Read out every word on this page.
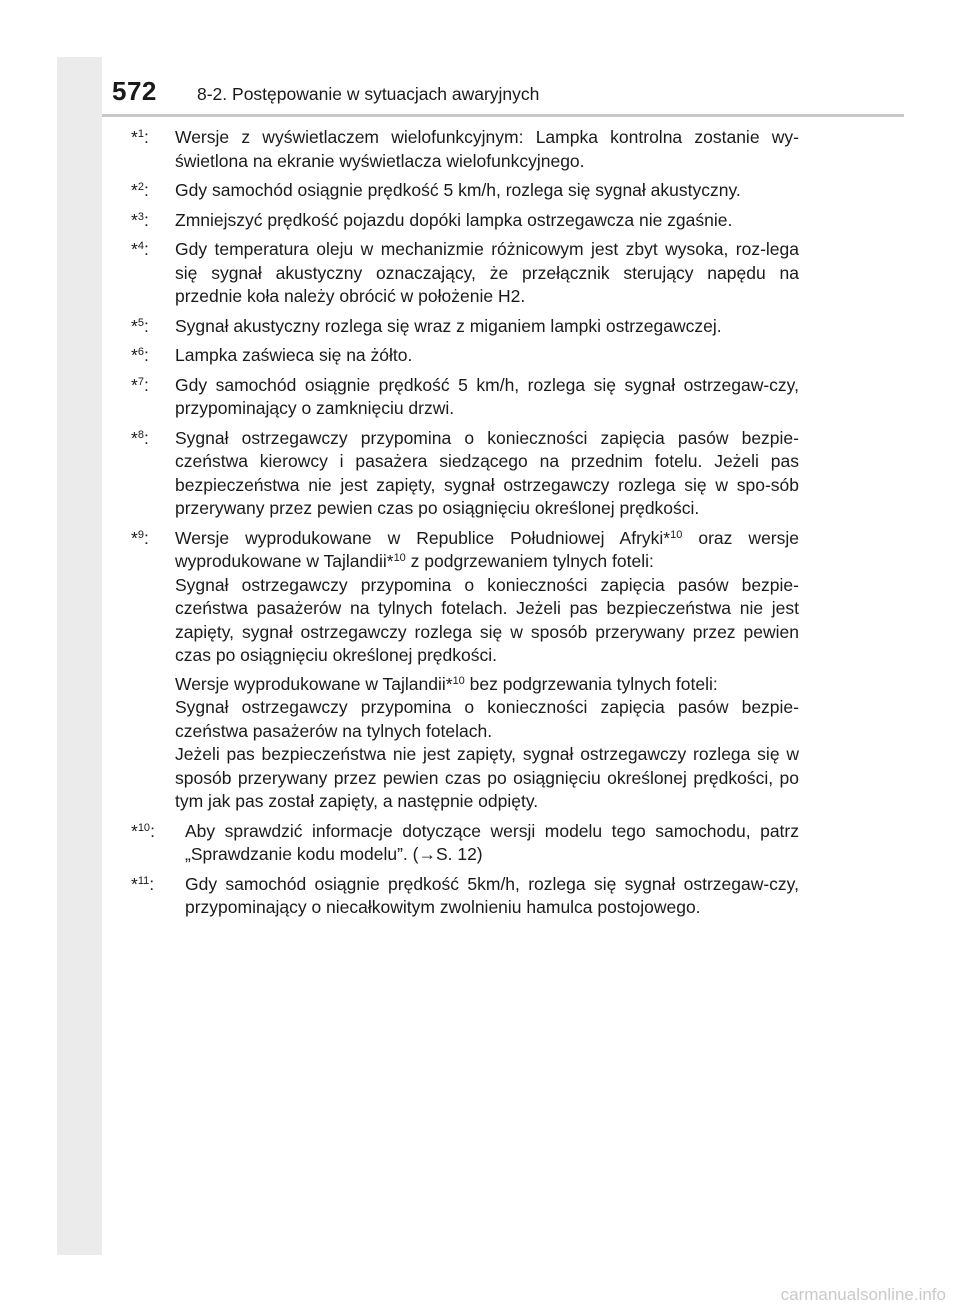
572 8-2. Postępowanie w sytuacjach awaryjnych
*$^1$: Wersje z wyświetlaczem wielofunkcyjnym: Lampka kontrolna zostanie wy-świetlona na ekranie wyświetlacza wielofunkcyjnego.

*$^2$: Gdy samochód osiągnie prędkość 5 km/h, rozlega się sygnał akustyczny.

*$^3$: Zmniejszyć prędkość pojazdu dopóki lampka ostrzegawcza nie zgaśnie.

*$^4$: Gdy temperatura oleju w mechanizmie różnicowym jest zbyt wysoka, roz-lega się sygnał akustyczny oznaczający, że przełącznik sterujący napędu na przednie koła należy obrócić w położenie H2.

*$^5$: Sygnał akustyczny rozlega się wraz z miganiem lampki ostrzegawczej.

*$^6$: Lampka zaświeca się na żółto.

*$^7$: Gdy samochód osiągnie prędkość 5 km/h, rozlega się sygnał ostrzegaw-czy, przypominający o zamknięciu drzwi.

*$^8$: Sygnał ostrzegawczy przypomina o konieczności zapięcia pasów bezpie-czeństwa kierowcy i pasażera siedzącego na przednim fotelu. Jeżeli pas bezpieczeństwa nie jest zapięty, sygnał ostrzegawczy rozlega się w spo-sób przerywany przez pewien czas po osiągnięciu określonej prędkości.

*$^9$: Wersje wyprodukowane w Republice Południowej Afryki*$^{10}$ oraz wersje wyprodukowane w Tajlandii*$^{10}$ z podgrzewaniem tylnych foteli:

Sygnał ostrzegawczy przypomina o konieczności zapięcia pasów bezpie-czeństwa pasażerów na tylnych fotelach. Jeżeli pas bezpieczeństwa nie jest zapięty, sygnał ostrzegawczy rozlega się w sposób przerywany przez pewien czas po osiągnięciu określonej prędkości.

Wersje wyprodukowane w Tajlandii*$^{10}$ bez podgrzewania tylnych foteli:

Sygnał ostrzegawczy przypomina o konieczności zapięcia pasów bezpie-czeństwa pasażerów na tylnych fotelach.

Jeżeli pas bezpieczeństwa nie jest zapięty, sygnał ostrzegawczy rozlega się w sposób przerywany przez pewien czas po osiągnięciu określonej prędkości, po tym jak pas został zapięty, a następnie odpięty.

*$^{10}$: Aby sprawdzić informacje dotyczące wersji modelu tego samochodu, patrz „Sprawdzanie kodu modelu”. (→S. 12)

*$^{11}$: Gdy samochód osiągnie prędkość 5km/h, rozlega się sygnał ostrzegaw-czy, przypominający o niecałkowitym zwolnieniu hamulca postojowego.

carmanualsonline.info
